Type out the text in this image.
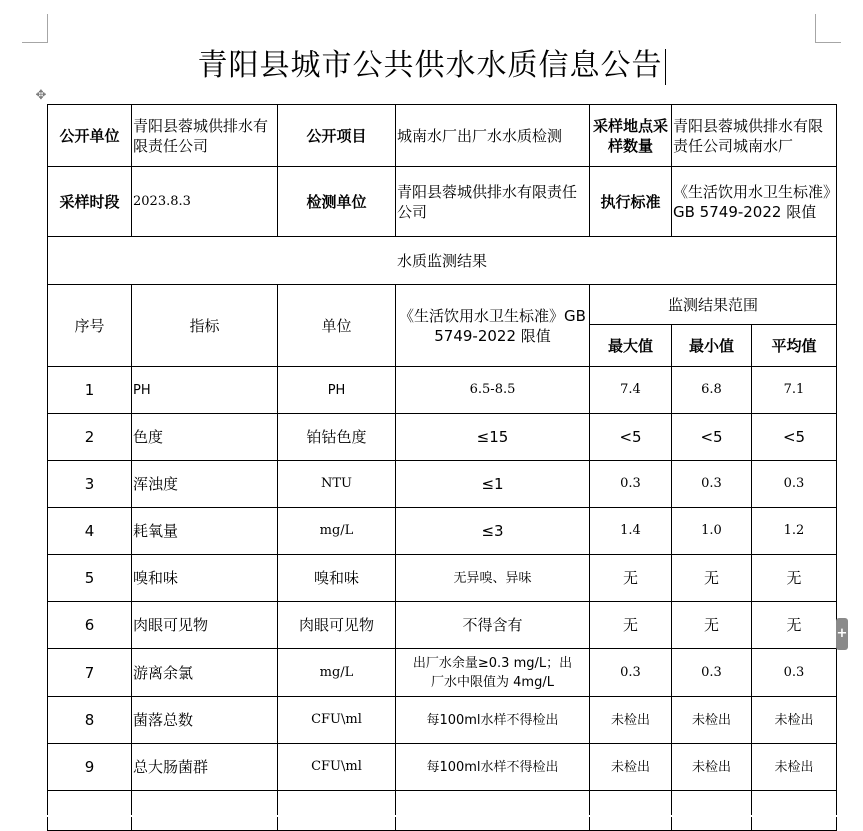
青阳县城市公共供水水质信息公告
✥
公开单位	青阳县蓉城供排水有限责任公司	公开项目	城南水厂出厂水水质检测	采样地点采样数量	青阳县蓉城供排水有限责任公司城南水厂	
采样时段	2023.8.3	检测单位	青阳县蓉城供排水有限责任公司	执行标准	《生活饮用水卫生标准》GB 5749-2022 限值	
水质监测结果						
序号	指标	单位	《生活饮用水卫生标准》GB 5749-2022 限值	监测结果范围		
				最大值	最小值	平均值
1	PH	PH	6.5-8.5	7.4	6.8	7.1
2	色度	铂钴色度	≤15	<5	<5	<5
3	浑浊度	NTU	≤1	0.3	0.3	0.3
4	耗氧量	mg/L	≤3	1.4	1.0	1.2
5	嗅和味	嗅和味	无异嗅、异味	无	无	无
6	肉眼可见物	肉眼可见物	不得含有	无	无	无
7	游离余氯	mg/L	出厂水余量≥0.3 mg/L；出厂水中限值为 4mg/L	0.3	0.3	0.3
8	菌落总数	CFU\ml	每100ml水样不得检出	未检出	未检出	未检出
9	总大肠菌群	CFU\ml	每100ml水样不得检出	未检出	未检出	未检出

+
